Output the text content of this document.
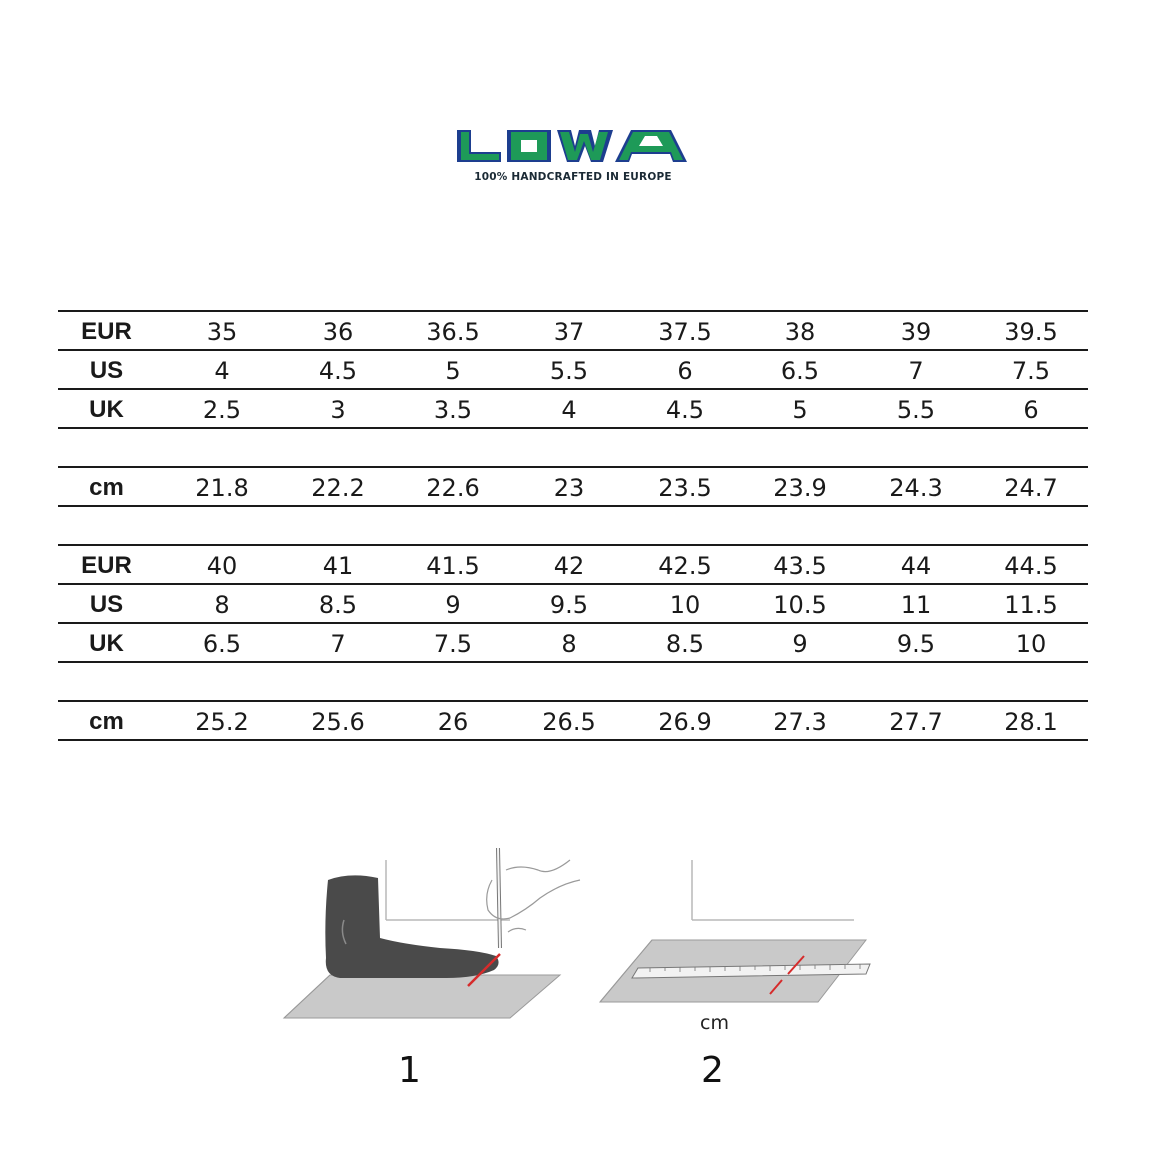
100% HANDCRAFTED IN EUROPE
EUR	35	36	36.5	37	37.5	38	39	39.5
US	4	4.5	5	5.5	6	6.5	7	7.5
UK	2.5	3	3.5	4	4.5	5	5.5	6
cm	21.8	22.2	22.6	23	23.5	23.9	24.3	24.7
EUR	40	41	41.5	42	42.5	43.5	44	44.5
US	8	8.5	9	9.5	10	10.5	11	11.5
UK	6.5	7	7.5	8	8.5	9	9.5	10
cm	25.2	25.6	26	26.5	26.9	27.3	27.7	28.1
cm
1	2
